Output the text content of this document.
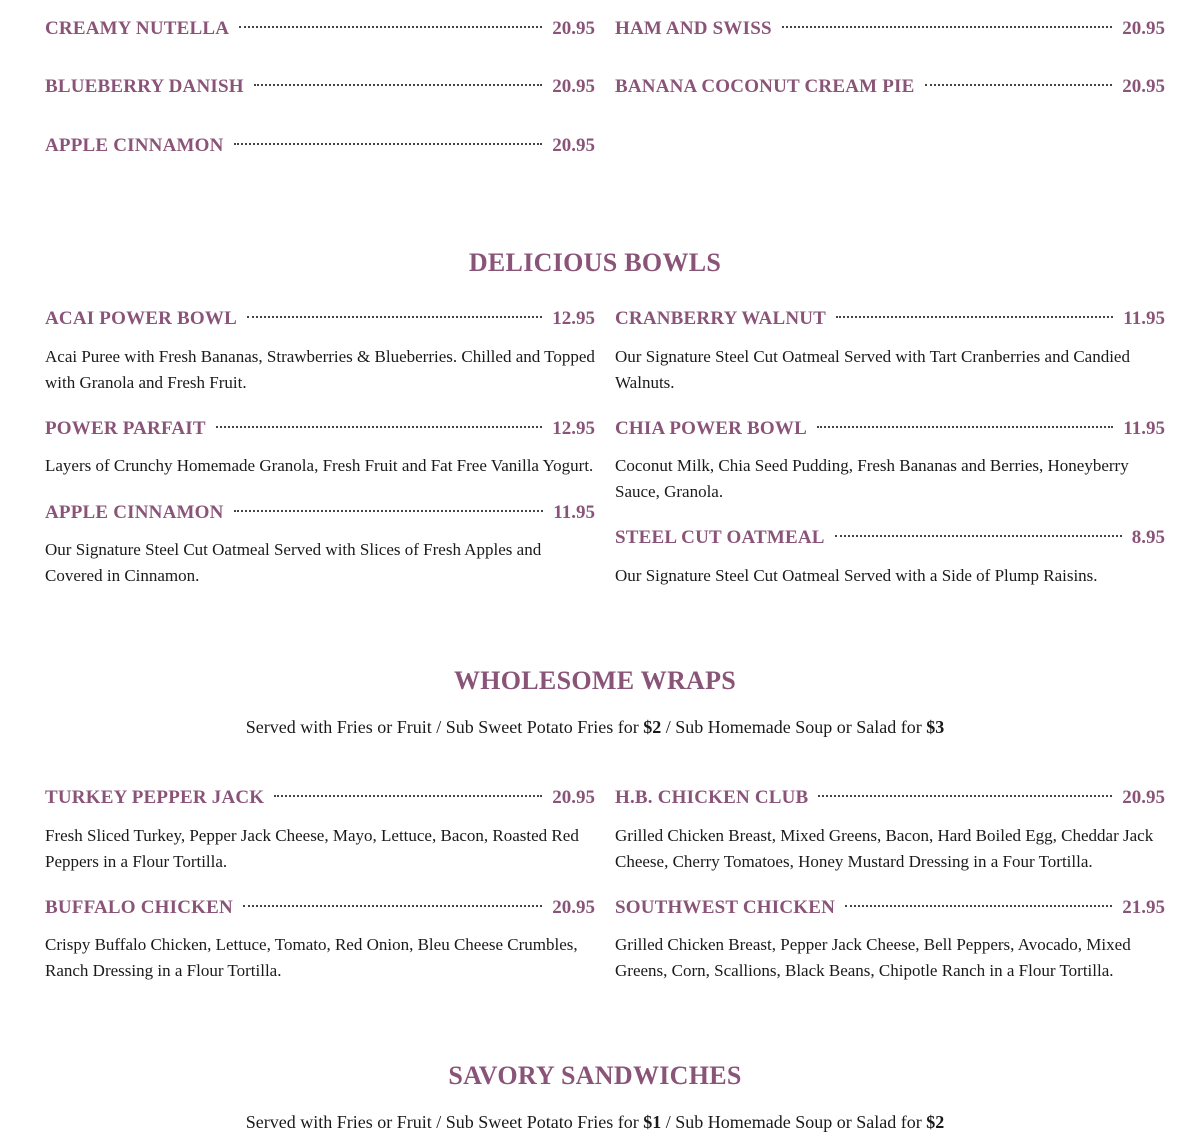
CREAMY NUTELLA	20.95
BLUEBERRY DANISH	20.95
APPLE CINNAMON	20.95
HAM AND SWISS	20.95
BANANA COCONUT CREAM PIE	20.95
DELICIOUS BOWLS
ACAI POWER BOWL	12.95
Acai Puree with Fresh Bananas, Strawberries & Blueberries. Chilled and Topped with Granola and Fresh Fruit.
POWER PARFAIT	12.95
Layers of Crunchy Homemade Granola, Fresh Fruit and Fat Free Vanilla Yogurt.
APPLE CINNAMON	11.95
Our Signature Steel Cut Oatmeal Served with Slices of Fresh Apples and Covered in Cinnamon.
CRANBERRY WALNUT	11.95
Our Signature Steel Cut Oatmeal Served with Tart Cranberries and Candied Walnuts.
CHIA POWER BOWL	11.95
Coconut Milk, Chia Seed Pudding, Fresh Bananas and Berries, Honeyberry Sauce, Granola.
STEEL CUT OATMEAL	8.95
Our Signature Steel Cut Oatmeal Served with a Side of Plump Raisins.
WHOLESOME WRAPS
Served with Fries or Fruit / Sub Sweet Potato Fries for $2 / Sub Homemade Soup or Salad for $3
TURKEY PEPPER JACK	20.95
Fresh Sliced Turkey, Pepper Jack Cheese, Mayo, Lettuce, Bacon, Roasted Red Peppers in a Flour Tortilla.
BUFFALO CHICKEN	20.95
Crispy Buffalo Chicken, Lettuce, Tomato, Red Onion, Bleu Cheese Crumbles, Ranch Dressing in a Flour Tortilla.
H.B. CHICKEN CLUB	20.95
Grilled Chicken Breast, Mixed Greens, Bacon, Hard Boiled Egg, Cheddar Jack Cheese, Cherry Tomatoes, Honey Mustard Dressing in a Four Tortilla.
SOUTHWEST CHICKEN	21.95
Grilled Chicken Breast, Pepper Jack Cheese, Bell Peppers, Avocado, Mixed Greens, Corn, Scallions, Black Beans, Chipotle Ranch in a Flour Tortilla.
SAVORY SANDWICHES
Served with Fries or Fruit / Sub Sweet Potato Fries for $1 / Sub Homemade Soup or Salad for $2
